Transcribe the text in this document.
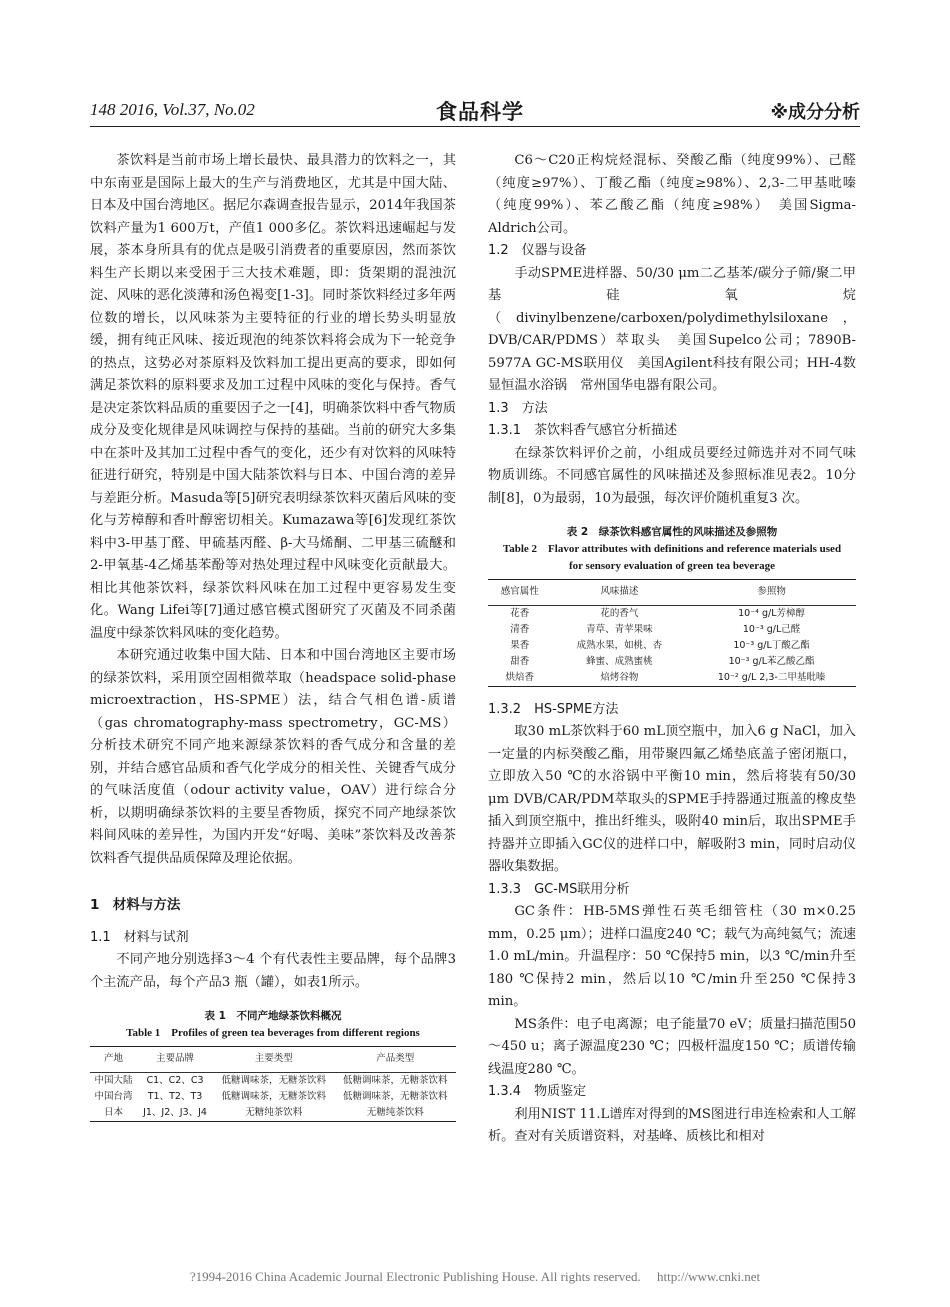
148 2016, Vol.37, No.02	食品科学	※成分分析

茶饮料是当前市场上增长最快、最具潜力的饮料之一，其中东南亚是国际上最大的生产与消费地区，尤其是中国大陆、日本及中国台湾地区。据尼尔森调查报告显示，2014年我国茶饮料产量为1 600万t，产值1 000多亿。茶饮料迅速崛起与发展，茶本身所具有的优点是吸引消费者的重要原因，然而茶饮料生产长期以来受困于三大技术难题，即：货架期的混浊沉淀、风味的恶化淡薄和汤色褐变[1-3]。同时茶饮料经过多年两位数的增长，以风味茶为主要特征的行业的增长势头明显放缓，拥有纯正风味、接近现泡的纯茶饮料将会成为下一轮竞争的热点，这势必对茶原料及饮料加工提出更高的要求，即如何满足茶饮料的原料要求及加工过程中风味的变化与保持。香气是决定茶饮料品质的重要因子之一[4]，明确茶饮料中香气物质成分及变化规律是风味调控与保持的基础。当前的研究大多集中在茶叶及其加工过程中香气的变化，还少有对饮料的风味特征进行研究，特别是中国大陆茶饮料与日本、中国台湾的差异与差距分析。Masuda等[5]研究表明绿茶饮料灭菌后风味的变化与芳樟醇和香叶醇密切相关。Kumazawa等[6]发现红茶饮料中3-甲基丁醛、甲硫基丙醛、β-大马烯酮、二甲基三硫醚和2-甲氧基-4乙烯基苯酚等对热处理过程中风味变化贡献最大。相比其他茶饮料，绿茶饮料风味在加工过程中更容易发生变化。Wang Lifei等[7]通过感官模式图研究了灭菌及不同杀菌温度中绿茶饮料风味的变化趋势。

本研究通过收集中国大陆、日本和中国台湾地区主要市场的绿茶饮料，采用顶空固相微萃取（headspace solid-phase microextraction，HS-SPME）法，结合气相色谱-质谱（gas chromatography-mass spectrometry，GC-MS）分析技术研究不同产地来源绿茶饮料的香气成分和含量的差别，并结合感官品质和香气化学成分的相关性、关键香气成分的气味活度值（odour activity value，OAV）进行综合分析，以期明确绿茶饮料的主要呈香物质，探究不同产地绿茶饮料间风味的差异性，为国内开发“好喝、美味”茶饮料及改善茶饮料香气提供品质保障及理论依据。

1　材料与方法
1.1　材料与试剂

不同产地分别选择3～4 个有代表性主要品牌，每个品牌3 个主流产品，每个产品3 瓶（罐），如表1所示。

表 1　不同产地绿茶饮料概况
Table 1　Profiles of green tea beverages from different regions
产地	主要品牌	主要类型	产品类型
中国大陆	C1、C2、C3	低糖调味茶，无糖茶饮料	低糖调味茶，无糖茶饮料
中国台湾	T1、T2、T3	低糖调味茶，无糖茶饮料	低糖调味茶，无糖茶饮料
日本	J1、J2、J3、J4	无糖纯茶饮料	无糖纯茶饮料

C6～C20正构烷烃混标、癸酸乙酯（纯度99%）、己醛（纯度≥97%）、丁酸乙酯（纯度≥98%）、2,3-二甲基吡嗪（纯度99%）、苯乙酸乙酯（纯度≥98%）　美国Sigma-Aldrich公司。

1.2　仪器与设备

手动SPME进样器、50/30 μm二乙基苯/碳分子筛/聚二甲基硅氧烷（divinylbenzene/carboxen/polydimethylsiloxane，DVB/CAR/PDMS）萃取头　美国Supelco公司；7890B-5977A GC-MS联用仪　美国Agilent科技有限公司；HH-4数显恒温水浴锅　常州国华电器有限公司。

1.3　方法
1.3.1　茶饮料香气感官分析描述

在绿茶饮料评价之前，小组成员要经过筛选并对不同气味物质训练。不同感官属性的风味描述及参照标准见表2。10分制[8]，0为最弱，10为最强，每次评价随机重复3 次。

表 2　绿茶饮料感官属性的风味描述及参照物
Table 2　Flavor attributes with definitions and reference materials used
for sensory evaluation of green tea beverage
感官属性	风味描述	参照物
花香	花的香气	10⁻⁴ g/L芳樟醇
清香	青草、青苹果味	10⁻³ g/L己醛
果香	成熟水果，如桃、杏	10⁻³ g/L丁酸乙酯
甜香	蜂蜜、成熟蜜桃	10⁻³ g/L苯乙酸乙酯
烘焙香	焙烤谷物	10⁻² g/L 2,3-二甲基吡嗪
1.3.2　HS-SPME方法

取30 mL茶饮料于60 mL顶空瓶中，加入6 g NaCl，加入一定量的内标癸酸乙酯，用带聚四氟乙烯垫底盖子密闭瓶口，立即放入50 ℃的水浴锅中平衡10 min，然后将装有50/30 μm DVB/CAR/PDM萃取头的SPME手持器通过瓶盖的橡皮垫插入到顶空瓶中，推出纤维头，吸附40 min后，取出SPME手持器并立即插入GC仪的进样口中，解吸附3 min，同时启动仪器收集数据。

1.3.3　GC-MS联用分析

GC条件：HB-5MS弹性石英毛细管柱（30 m×0.25 mm，0.25 μm）；进样口温度240 ℃；载气为高纯氦气；流速1.0 mL/min。升温程序：50 ℃保持5 min，以3 ℃/min升至180 ℃保持2 min，然后以10 ℃/min升至250 ℃保持3 min。

MS条件：电子电离源；电子能量70 eV；质量扫描范围50～450 u；离子源温度230 ℃；四极杆温度150 ℃；质谱传输线温度280 ℃。

1.3.4　物质鉴定

利用NIST 11.L谱库对得到的MS图进行串连检索和人工解析。查对有关质谱资料，对基峰、质核比和相对

?1994-2016 China Academic Journal Electronic Publishing House. All rights reserved.　 http://www.cnki.net
